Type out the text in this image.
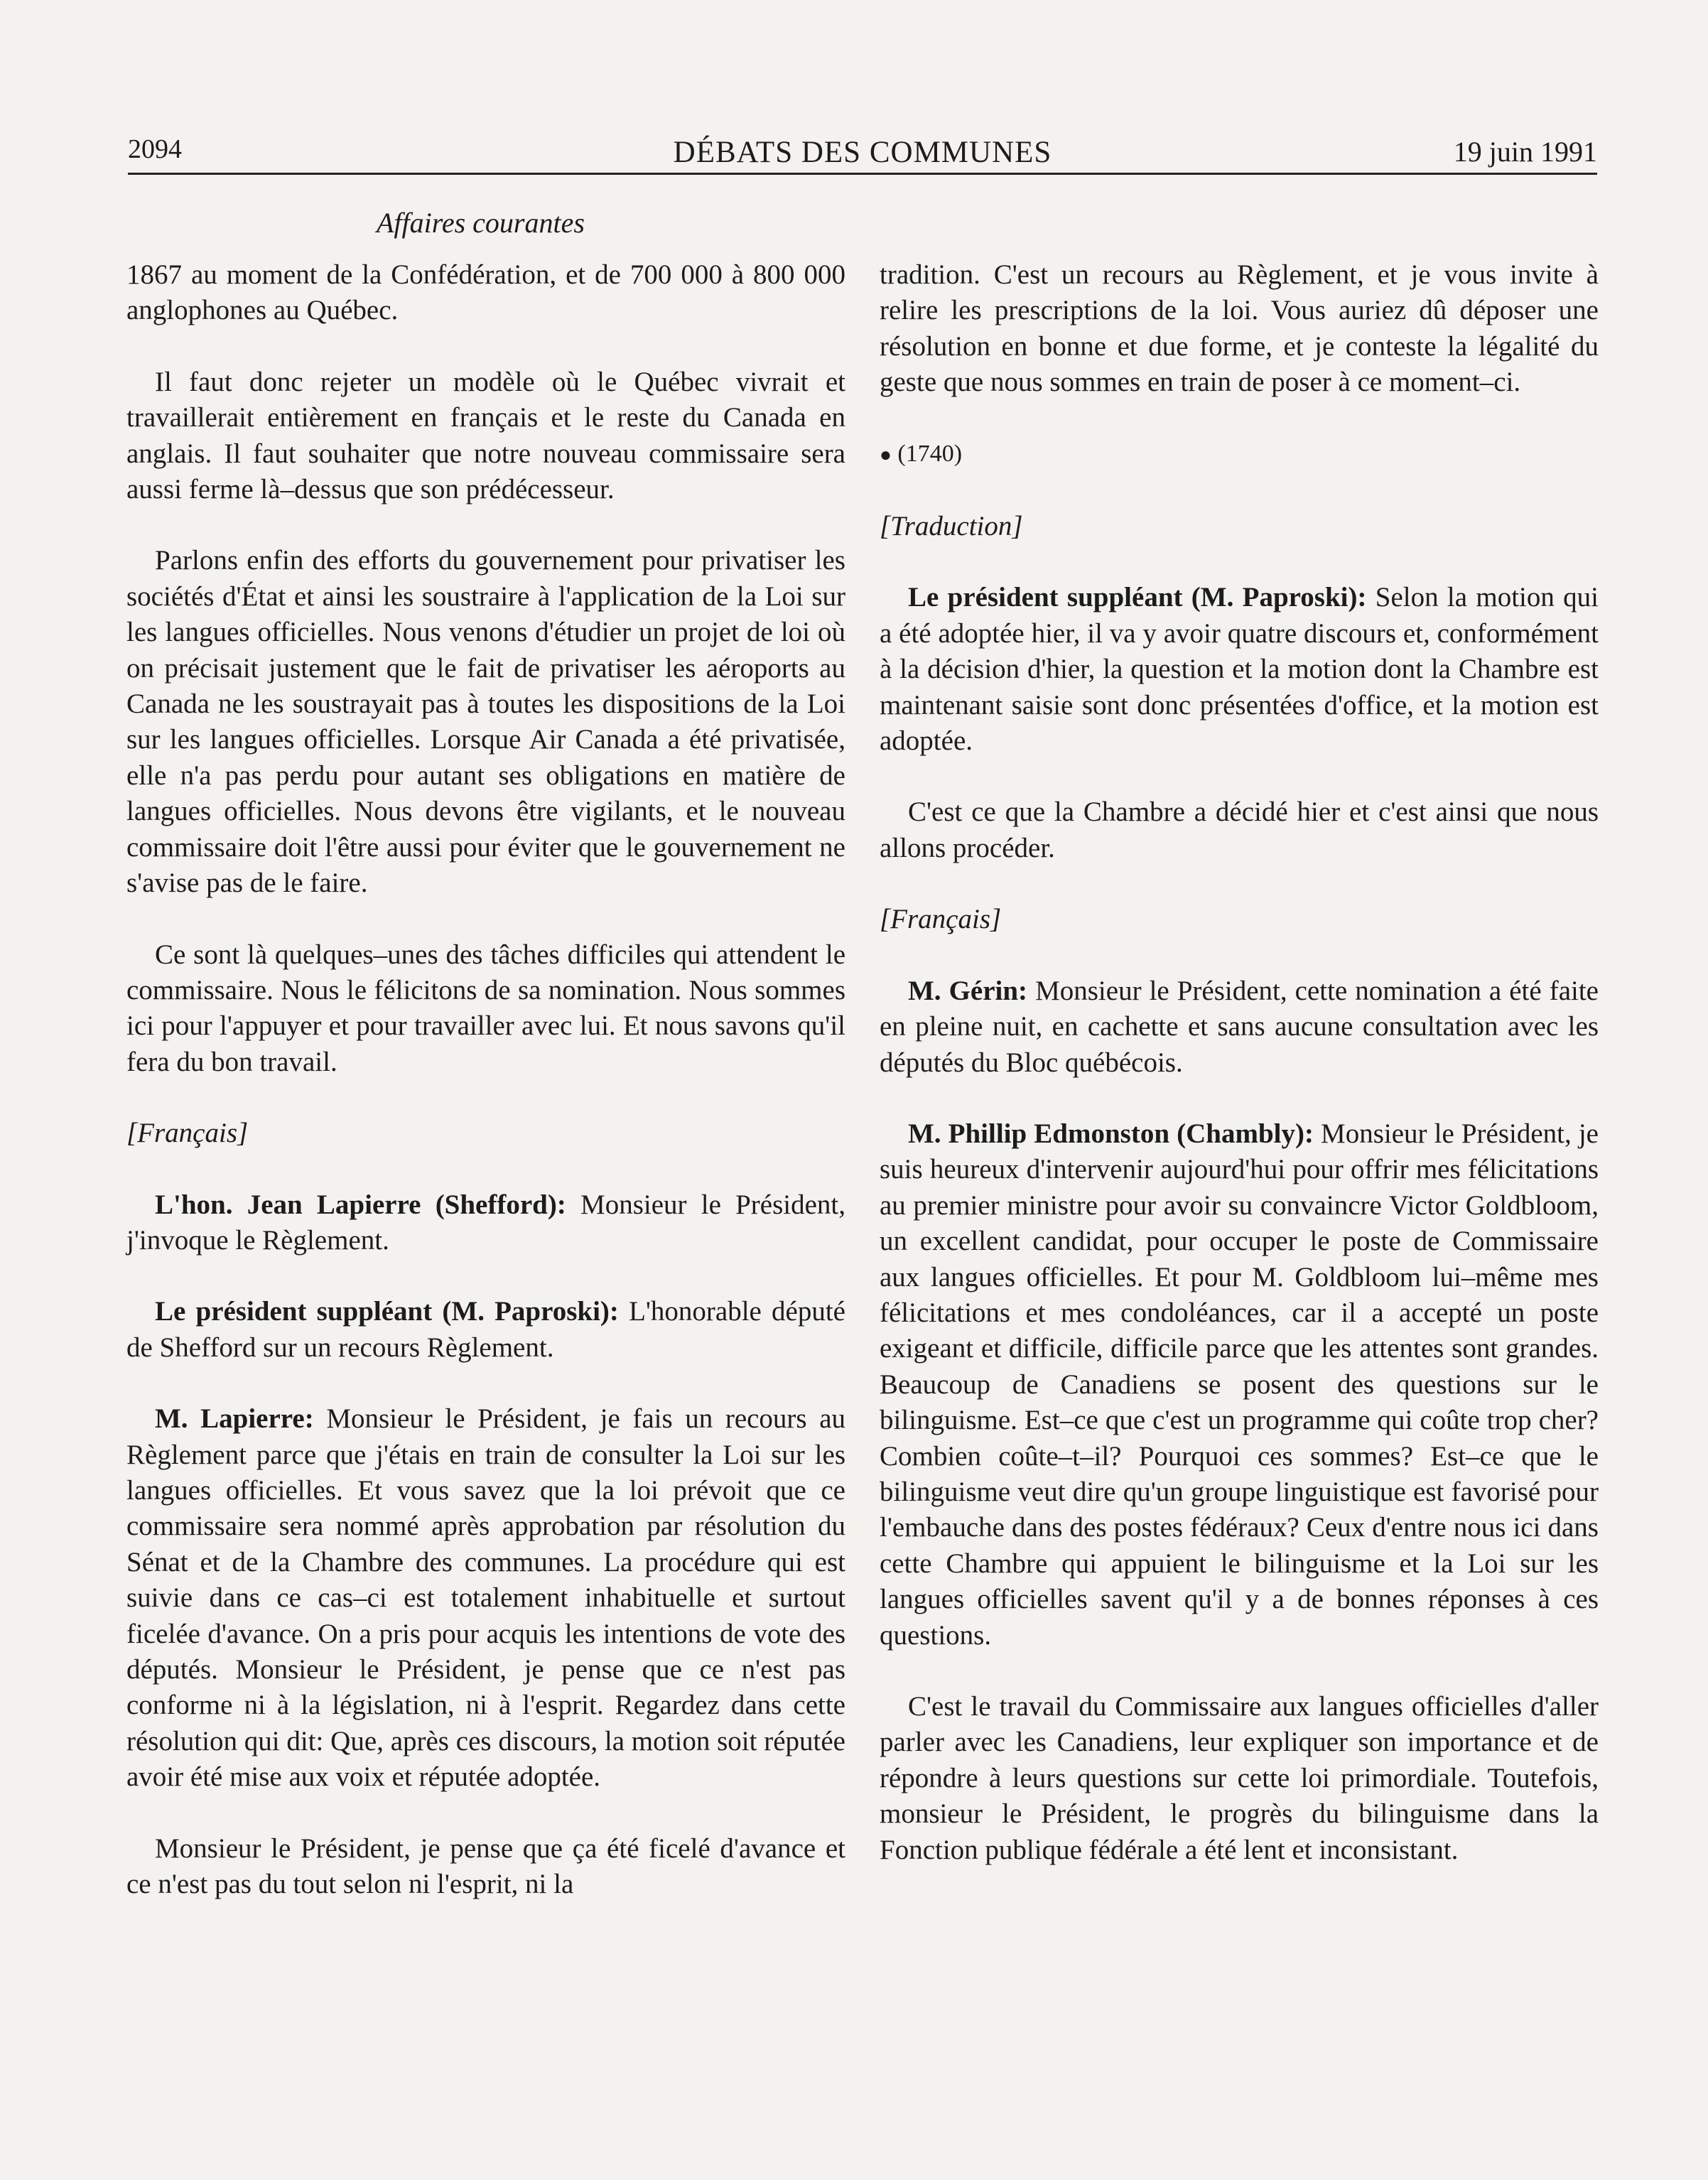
2094	DÉBATS DES COMMUNES	19 juin 1991
Affaires courantes

1867 au moment de la Confédération, et de 700 000 à 800 000 anglophones au Québec.

Il faut donc rejeter un modèle où le Québec vivrait et travaillerait entièrement en français et le reste du Canada en anglais. Il faut souhaiter que notre nouveau commissaire sera aussi ferme là–dessus que son prédécesseur.

Parlons enfin des efforts du gouvernement pour privatiser les sociétés d'État et ainsi les soustraire à l'application de la Loi sur les langues officielles. Nous venons d'étudier un projet de loi où on précisait justement que le fait de privatiser les aéroports au Canada ne les soustrayait pas à toutes les dispositions de la Loi sur les langues officielles. Lorsque Air Canada a été privatisée, elle n'a pas perdu pour autant ses obligations en matière de langues officielles. Nous devons être vigilants, et le nouveau commissaire doit l'être aussi pour éviter que le gouvernement ne s'avise pas de le faire.

Ce sont là quelques–unes des tâches difficiles qui attendent le commissaire. Nous le félicitons de sa nomination. Nous sommes ici pour l'appuyer et pour travailler avec lui. Et nous savons qu'il fera du bon travail.

[Français]

L'hon. Jean Lapierre (Shefford): Monsieur le Président, j'invoque le Règlement.

Le président suppléant (M. Paproski): L'honorable député de Shefford sur un recours Règlement.

M. Lapierre: Monsieur le Président, je fais un recours au Règlement parce que j'étais en train de consulter la Loi sur les langues officielles. Et vous savez que la loi prévoit que ce commissaire sera nommé après approbation par résolution du Sénat et de la Chambre des communes. La procédure qui est suivie dans ce cas–ci est totalement inhabituelle et surtout ficelée d'avance. On a pris pour acquis les intentions de vote des députés. Monsieur le Président, je pense que ce n'est pas conforme ni à la législation, ni à l'esprit. Regardez dans cette résolution qui dit: Que, après ces discours, la motion soit réputée avoir été mise aux voix et réputée adoptée.

Monsieur le Président, je pense que ça été ficelé d'avance et ce n'est pas du tout selon ni l'esprit, ni la

tradition. C'est un recours au Règlement, et je vous invite à relire les prescriptions de la loi. Vous auriez dû déposer une résolution en bonne et due forme, et je conteste la légalité du geste que nous sommes en train de poser à ce moment–ci.

● (1740)

[Traduction]

Le président suppléant (M. Paproski): Selon la motion qui a été adoptée hier, il va y avoir quatre discours et, conformément à la décision d'hier, la question et la motion dont la Chambre est maintenant saisie sont donc présentées d'office, et la motion est adoptée.

C'est ce que la Chambre a décidé hier et c'est ainsi que nous allons procéder.

[Français]

M. Gérin: Monsieur le Président, cette nomination a été faite en pleine nuit, en cachette et sans aucune consultation avec les députés du Bloc québécois.

M. Phillip Edmonston (Chambly): Monsieur le Président, je suis heureux d'intervenir aujourd'hui pour offrir mes félicitations au premier ministre pour avoir su convaincre Victor Goldbloom, un excellent candidat, pour occuper le poste de Commissaire aux langues officielles. Et pour M. Goldbloom lui–même mes félicitations et mes condoléances, car il a accepté un poste exigeant et difficile, difficile parce que les attentes sont grandes. Beaucoup de Canadiens se posent des questions sur le bilinguisme. Est–ce que c'est un programme qui coûte trop cher? Combien coûte–t–il? Pourquoi ces sommes? Est–ce que le bilinguisme veut dire qu'un groupe linguistique est favorisé pour l'embauche dans des postes fédéraux? Ceux d'entre nous ici dans cette Chambre qui appuient le bilinguisme et la Loi sur les langues officielles savent qu'il y a de bonnes réponses à ces questions.

C'est le travail du Commissaire aux langues officielles d'aller parler avec les Canadiens, leur expliquer son importance et de répondre à leurs questions sur cette loi primordiale. Toutefois, monsieur le Président, le progrès du bilinguisme dans la Fonction publique fédérale a été lent et inconsistant.
